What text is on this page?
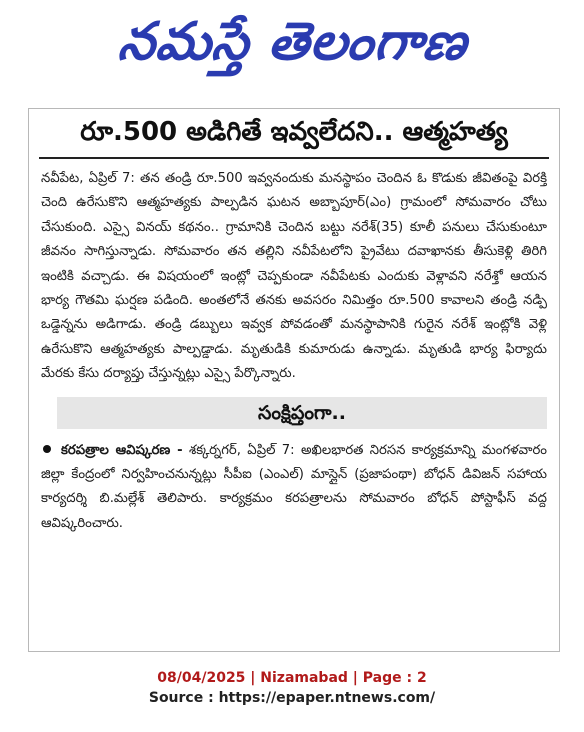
నమస్తే తెలంగాణ
రూ.500 అడిగితే ఇవ్వలేదని.. ఆత్మహత్య

నవీపేట, ఏప్రిల్ 7: తన తండ్రి రూ.500 ఇవ్వనందుకు మనస్థాపం చెందిన ఓ కొడుకు జీవితంపై విరక్తి చెంది ఉరేసుకొని ఆత్మహత్యకు పాల్పడిన ఘటన అబ్బాపూర్(ఎం) గ్రామంలో సోమవారం చోటు చేసుకుంది. ఎస్సై వినయ్ కథనం.. గ్రామానికి చెందిన బట్టు నరేశ్(35) కూలీ పనులు చేసుకుంటూ జీవనం సాగిస్తున్నాడు. సోమవారం తన తల్లిని నవీపేటలోని ప్రైవేటు దవాఖానకు తీసుకెళ్లి తిరిగి ఇంటికి వచ్చాడు. ఈ విషయంలో ఇంట్లో చెప్పకుండా నవీపేటకు ఎందుకు వెళ్లావని నరేశ్తో ఆయన భార్య గౌతమి ఘర్షణ పడింది. అంతలోనే తనకు అవసరం నిమిత్తం రూ.500 కావాలని తండ్రి నడ్పి ఒడ్డెన్నను అడిగాడు. తండ్రి డబ్బులు ఇవ్వక పోవడంతో మనస్థాపానికి గురైన నరేశ్ ఇంట్లోకి వెళ్లి ఉరేసుకొని ఆత్మహత్యకు పాల్పడ్డాడు. మృతుడికి కుమారుడు ఉన్నాడు. మృతుడి భార్య ఫిర్యాదు మేరకు కేసు దర్యాప్తు చేస్తున్నట్లు ఎస్సై పేర్కొన్నారు.

సంక్షిప్తంగా..
కరపత్రాల ఆవిష్కరణ - శక్కర్నగర్, ఏప్రిల్ 7: అఖిలభారత నిరసన కార్యక్రమాన్ని మంగళవారం జిల్లా కేంద్రంలో నిర్వహించనున్నట్లు సీపీఐ (ఎంఎల్) మాస్లైన్ (ప్రజాపంథా) బోధన్ డివిజన్ సహాయ కార్యదర్శి బి.మల్లేశ్ తెలిపారు. కార్యక్రమం కరపత్రాలను సోమవారం బోధన్ పోస్టాఫీస్ వద్ద ఆవిష్కరించారు.
08/04/2025 | Nizamabad | Page : 2
Source : https://epaper.ntnews.com/
